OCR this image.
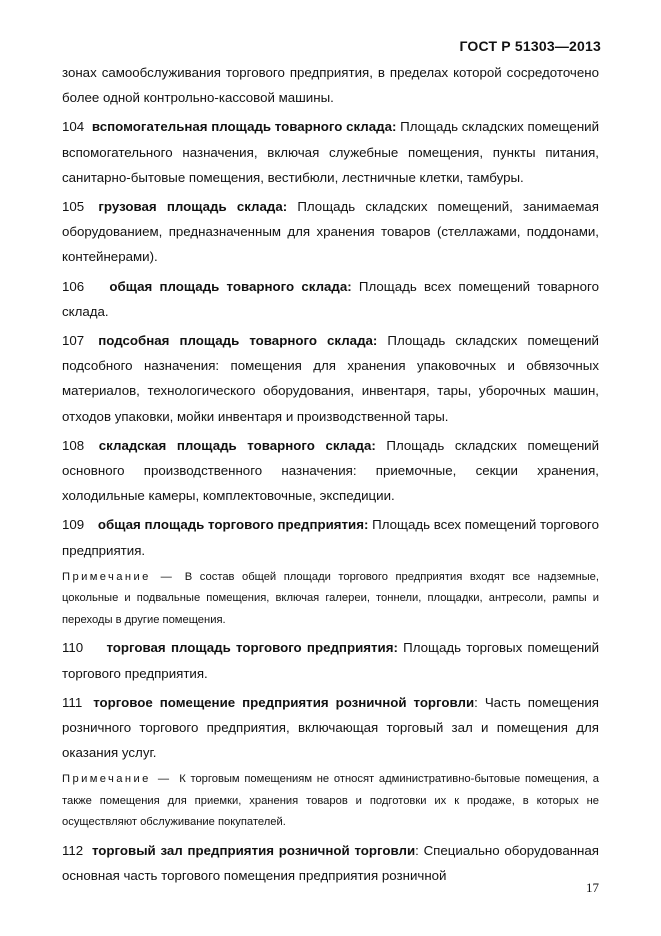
ГОСТ Р 51303—2013

зонах самообслуживания торгового предприятия, в пределах которой сосредоточено более одной контрольно-кассовой машины.

104 вспомогательная площадь товарного склада: Площадь складских помещений вспомогательного назначения, включая служебные помещения, пункты питания, санитарно-бытовые помещения, вестибюли, лестничные клетки, тамбуры.

105 грузовая площадь склада: Площадь складских помещений, занимаемая оборудованием, предназначенным для хранения товаров (стеллажами, поддонами, контейнерами).

106 общая площадь товарного склада: Площадь всех помещений товарного склада.

107 подсобная площадь товарного склада: Площадь складских помещений подсобного назначения: помещения для хранения упаковочных и обвязочных материалов, технологического оборудования, инвентаря, тары, уборочных машин, отходов упаковки, мойки инвентаря и производственной тары.

108 складская площадь товарного склада: Площадь складских помещений основного производственного назначения: приемочные, секции хранения, холодильные камеры, комплектовочные, экспедиции.

109 общая площадь торгового предприятия: Площадь всех помещений торгового предприятия.

Примечание — В состав общей площади торгового предприятия входят все надземные, цокольные и подвальные помещения, включая галереи, тоннели, площадки, антресоли, рампы и переходы в другие помещения.

110 торговая площадь торгового предприятия: Площадь торговых помещений торгового предприятия.

111 торговое помещение предприятия розничной торговли: Часть помещения розничного торгового предприятия, включающая торговый зал и помещения для оказания услуг.

Примечание — К торговым помещениям не относят административно-бытовые помещения, а также помещения для приемки, хранения товаров и подготовки их к продаже, в которых не осуществляют обслуживание покупателей.

112 торговый зал предприятия розничной торговли: Специально оборудованная основная часть торгового помещения предприятия розничной

17
